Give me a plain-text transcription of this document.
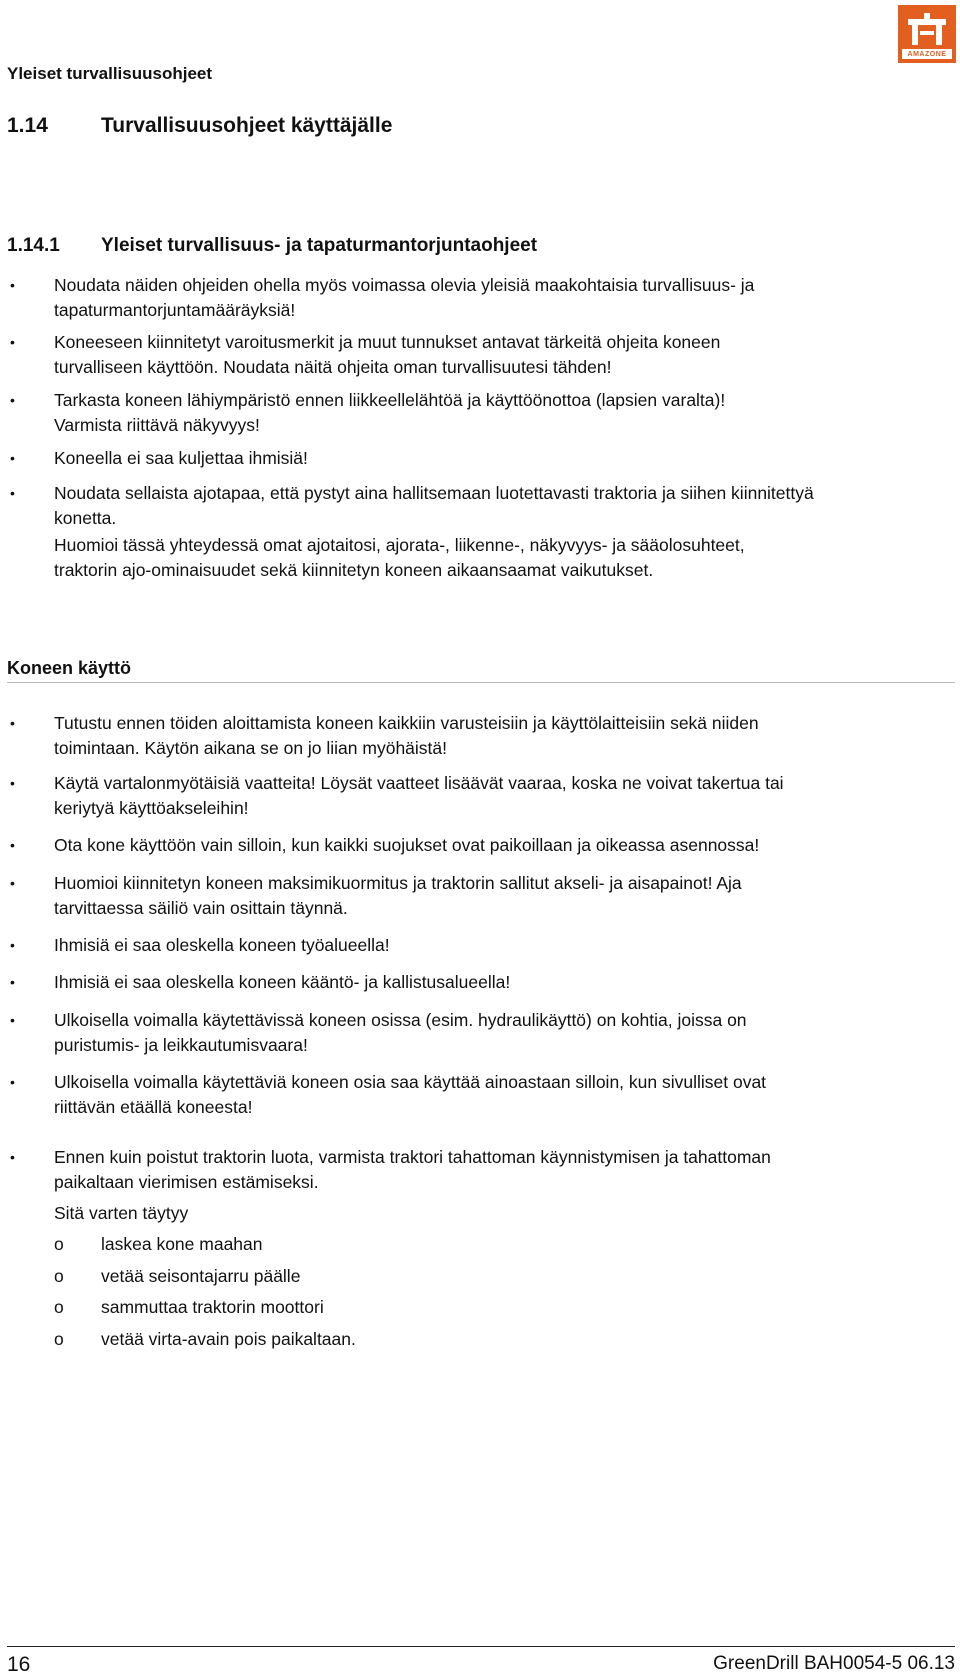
Yleiset turvallisuusohjeet
AMAZONE
1.14	Turvallisuusohjeet käyttäjälle
1.14.1 Yleiset turvallisuus- ja tapaturmantorjuntaohjeet
• Noudata näiden ohjeiden ohella myös voimassa olevia yleisiä maakohtaisia turvallisuus- ja
tapaturmantorjuntamääräyksiä!
• Koneeseen kiinnitetyt varoitusmerkit ja muut tunnukset antavat tärkeitä ohjeita koneen
turvalliseen käyttöön. Noudata näitä ohjeita oman turvallisuutesi tähden!
• Tarkasta koneen lähiympäristö ennen liikkeellelähtöä ja käyttöönottoa (lapsien varalta)!
Varmista riittävä näkyvyys!
• Koneella ei saa kuljettaa ihmisiä!
• Noudata sellaista ajotapaa, että pystyt aina hallitsemaan luotettavasti traktoria ja siihen kiinnitettyä
konetta.
Huomioi tässä yhteydessä omat ajotaitosi, ajorata-, liikenne-, näkyvyys- ja sääolosuhteet,
traktorin ajo-ominaisuudet sekä kiinnitetyn koneen aikaansaamat vaikutukset.
Koneen käyttö
• Tutustu ennen töiden aloittamista koneen kaikkiin varusteisiin ja käyttölaitteisiin sekä niiden
toimintaan. Käytön aikana se on jo liian myöhäistä!
• Käytä vartalonmyötäisiä vaatteita! Löysät vaatteet lisäävät vaaraa, koska ne voivat takertua tai
keriytyä käyttöakseleihin!
• Ota kone käyttöön vain silloin, kun kaikki suojukset ovat paikoillaan ja oikeassa asennossa!
• Huomioi kiinnitetyn koneen maksimikuormitus ja traktorin sallitut akseli- ja aisapainot! Aja
tarvittaessa säiliö vain osittain täynnä.
• Ihmisiä ei saa oleskella koneen työalueella!
• Ihmisiä ei saa oleskella koneen kääntö- ja kallistusalueella!
• Ulkoisella voimalla käytettävissä koneen osissa (esim. hydraulikäyttö) on kohtia, joissa on
puristumis- ja leikkautumisvaara!
• Ulkoisella voimalla käytettäviä koneen osia saa käyttää ainoastaan silloin, kun sivulliset ovat
riittävän etäällä koneesta!
• Ennen kuin poistut traktorin luota, varmista traktori tahattoman käynnistymisen ja tahattoman
paikaltaan vierimisen estämiseksi.
Sitä varten täytyy
o laskea kone maahan
o vetää seisontajarru päälle
o sammuttaa traktorin moottori
o vetää virta-avain pois paikaltaan.
16	GreenDrill BAH0054-5 06.13
